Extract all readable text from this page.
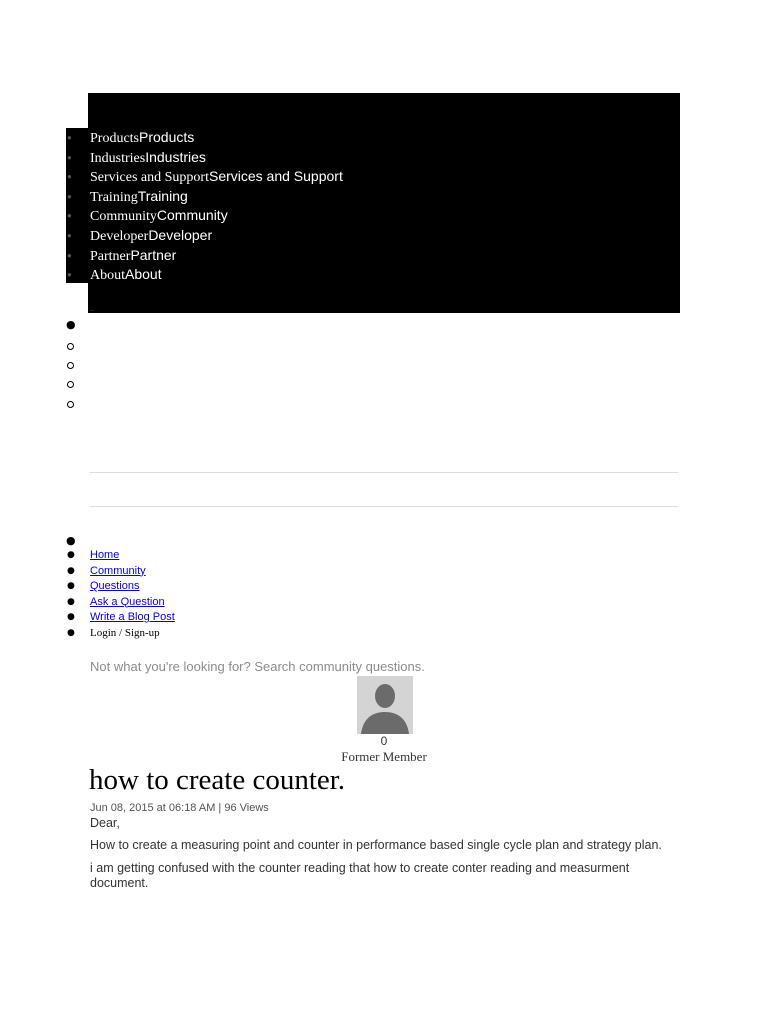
● ProductsProducts
● IndustriesIndustries
● Services and SupportServices and Support
● TrainingTraining
● CommunityCommunity
● DeveloperDeveloper
● PartnerPartner
● AboutAbout
_
●
●
● Home
● Community
● Questions
● Ask a Question
● Write a Blog Post
● Login / Sign-up
Not what you're looking for? Search community questions.
0
Former Member
how to create counter.
Jun 08, 2015 at 06:18 AM | 96 Views

Dear,

How to create a measuring point and counter in performance based single cycle plan and strategy plan.

i am getting confused with the counter reading that how to create conter reading and measurment document.
